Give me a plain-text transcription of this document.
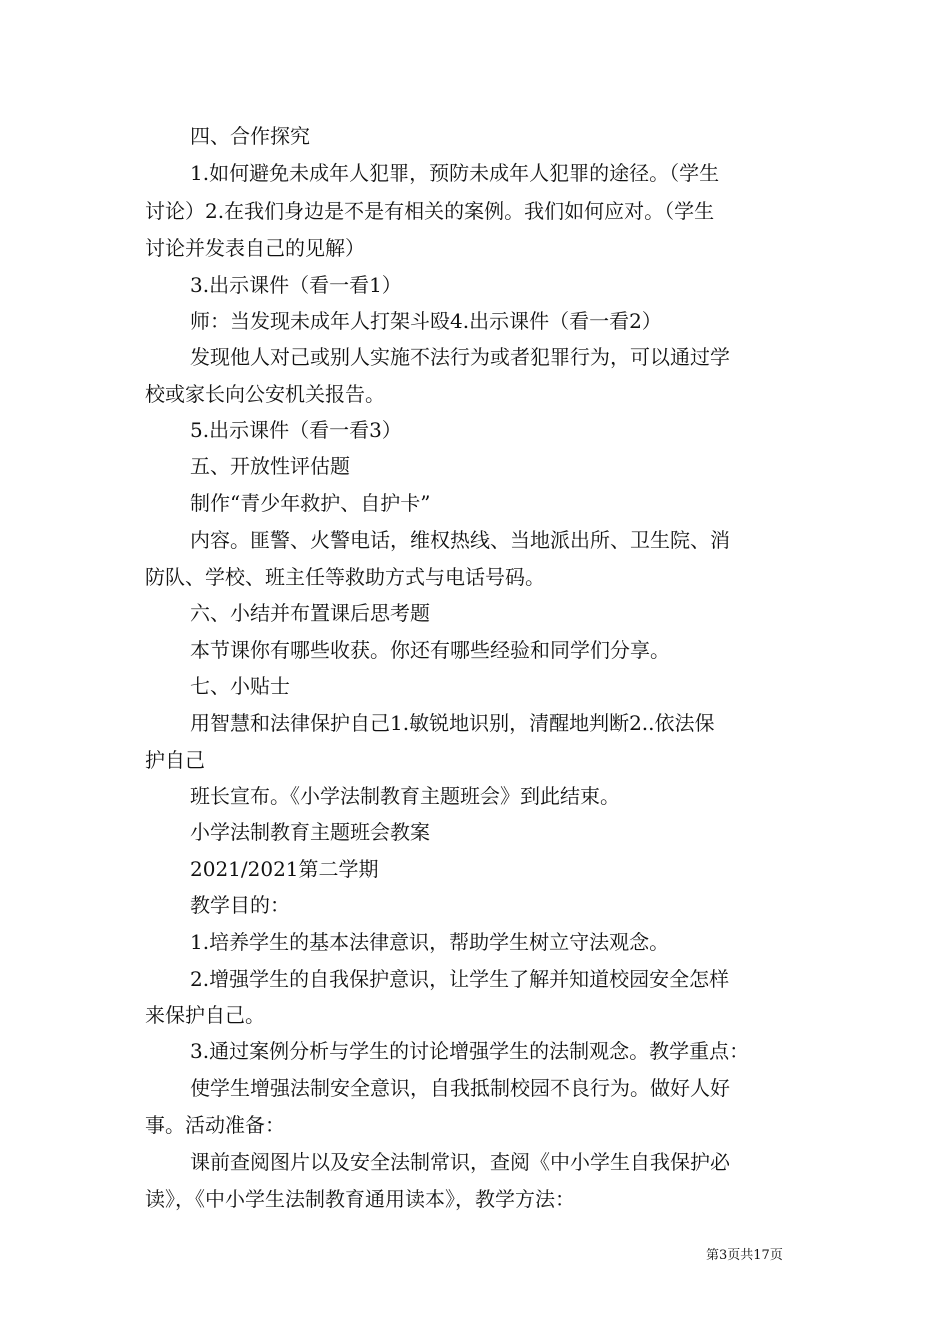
四、合作探究
1.如何避免未成年人犯罪，预防未成年人犯罪的途径。（学生
讨论）2.在我们身边是不是有相关的案例。我们如何应对。（学生
讨论并发表自己的见解）
3.出示课件（看一看1）
师：当发现未成年人打架斗殴4.出示课件（看一看2）
发现他人对己或别人实施不法行为或者犯罪行为，可以通过学
校或家长向公安机关报告。
5.出示课件（看一看3）
五、开放性评估题
制作“青少年救护、自护卡”
内容。匪警、火警电话，维权热线、当地派出所、卫生院、消
防队、学校、班主任等救助方式与电话号码。
六、小结并布置课后思考题
本节课你有哪些收获。你还有哪些经验和同学们分享。
七、小贴士
用智慧和法律保护自己1.敏锐地识别，清醒地判断2..依法保
护自己
班长宣布。《小学法制教育主题班会》到此结束。
小学法制教育主题班会教案
2021/2021第二学期
教学目的：
1.培养学生的基本法律意识，帮助学生树立守法观念。
2.增强学生的自我保护意识，让学生了解并知道校园安全怎样
来保护自己。
3.通过案例分析与学生的讨论增强学生的法制观念。教学重点：
使学生增强法制安全意识，自我抵制校园不良行为。做好人好
事。活动准备：
课前查阅图片以及安全法制常识，查阅《中小学生自我保护必
读》，《中小学生法制教育通用读本》，教学方法：
第3页共17页
